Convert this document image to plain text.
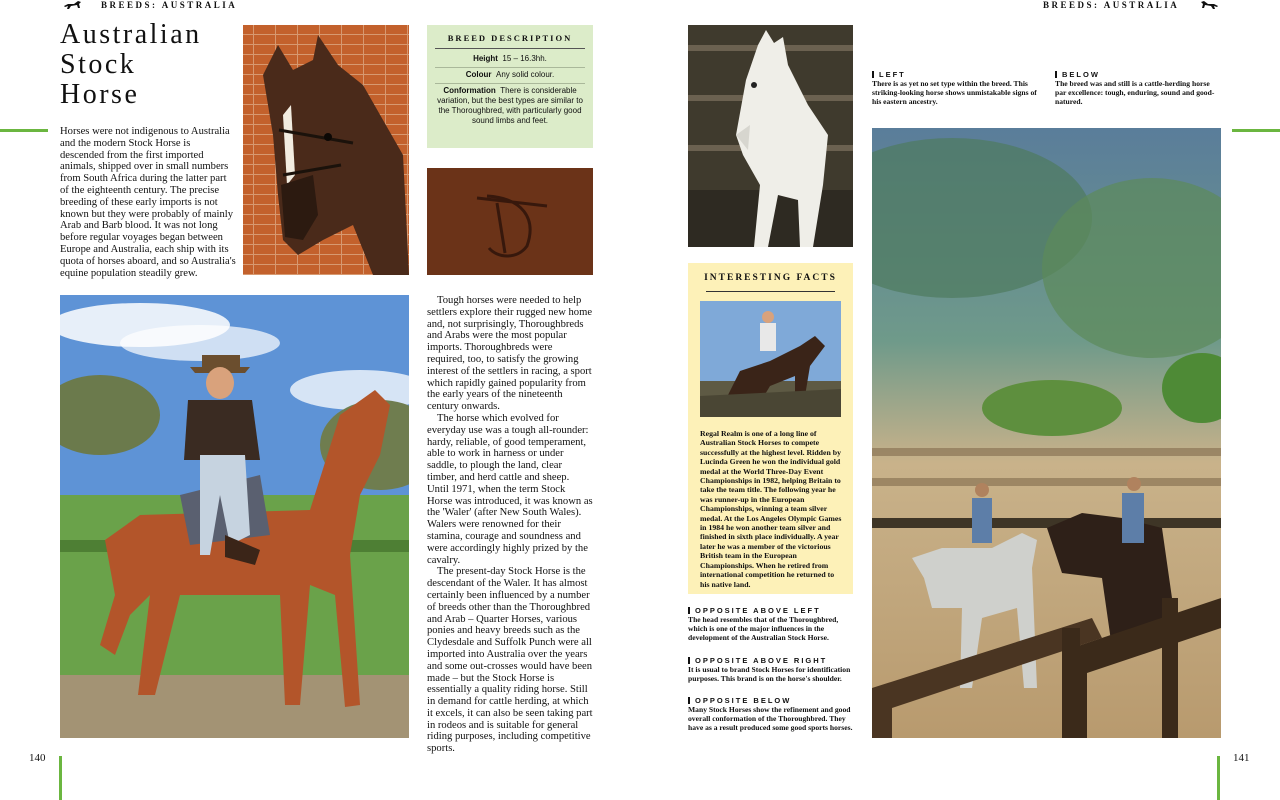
BREEDS: AUSTRALIA
Australian
Stock
Horse

Horses were not indigenous to Australia and the modern Stock Horse is descended from the first imported animals, shipped over in small numbers from South Africa during the latter part of the eighteenth century. The precise breeding of these early imports is not known but they were probably of mainly Arab and Barb blood. It was not long before regular voyages began between Europe and Australia, each ship with its quota of horses aboard, and so Australia's equine population steadily grew.

BREED DESCRIPTION
Height 15 – 16.3hh.
Colour Any solid colour.
Conformation There is considerable variation, but the best types are similar to the Thoroughbred, with particularly good sound limbs and feet.

Tough horses were needed to help settlers explore their rugged new home and, not surprisingly, Thoroughbreds and Arabs were the most popular imports. Thoroughbreds were required, too, to satisfy the growing interest of the settlers in racing, a sport which rapidly gained popularity from the early years of the nineteenth century onwards.

The horse which evolved for everyday use was a tough all-rounder: hardy, reliable, of good temperament, able to work in harness or under saddle, to plough the land, clear timber, and herd cattle and sheep. Until 1971, when the term Stock Horse was introduced, it was known as the 'Waler' (after New South Wales). Walers were renowned for their stamina, courage and soundness and were accordingly highly prized by the cavalry.

The present-day Stock Horse is the descendant of the Waler. It has almost certainly been influenced by a number of breeds other than the Thoroughbred and Arab – Quarter Horses, various ponies and heavy breeds such as the Clydesdale and Suffolk Punch were all imported into Australia over the years and some out-crosses would have been made – but the Stock Horse is essentially a quality riding horse. Still in demand for cattle herding, at which it excels, it can also be seen taking part in rodeos and is suitable for general riding purposes, including competitive sports.

140
BREEDS: AUSTRALIA
LEFT
There is as yet no set type within the breed. This striking-looking horse shows unmistakable signs of his eastern ancestry.
BELOW
The breed was and still is a cattle-herding horse par excellence: tough, enduring, sound and good-natured.
INTERESTING FACTS
Regal Realm is one of a long line of Australian Stock Horses to compete successfully at the highest level. Ridden by Lucinda Green he won the individual gold medal at the World Three-Day Event Championships in 1982, helping Britain to take the team title. The following year he was runner-up in the European Championships, winning a team silver medal. At the Los Angeles Olympic Games in 1984 he won another team silver and finished in sixth place individually. A year later he was a member of the victorious British team in the European Championships. When he retired from international competition he returned to his native land.
OPPOSITE ABOVE LEFT
The head resembles that of the Thoroughbred, which is one of the major influences in the development of the Australian Stock Horse.
OPPOSITE ABOVE RIGHT
It is usual to brand Stock Horses for identification purposes. This brand is on the horse's shoulder.
OPPOSITE BELOW
Many Stock Horses show the refinement and good overall conformation of the Thoroughbred. They have as a result produced some good sports horses.
141
